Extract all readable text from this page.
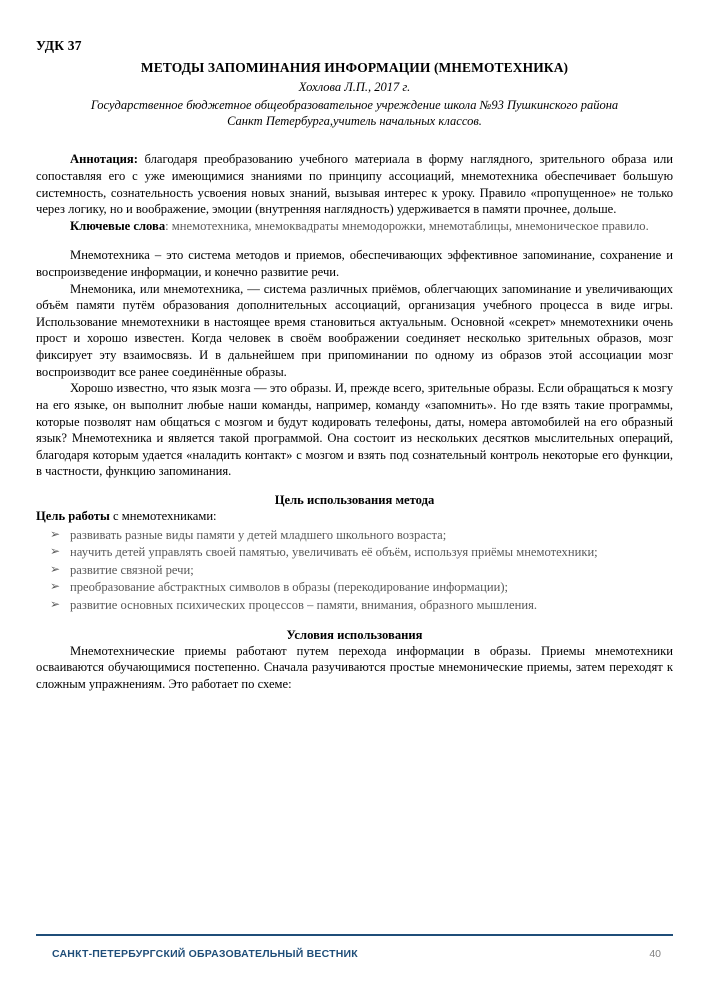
УДК 37
МЕТОДЫ ЗАПОМИНАНИЯ ИНФОРМАЦИИ (МНЕМОТЕХНИКА)
Хохлова Л.П., 2017 г.
Государственное бюджетное общеобразовательное учреждение школа №93 Пушкинского района
Санкт Петербурга,учитель начальных классов.

Аннотация: благодаря преобразованию учебного материала в форму наглядного, зрительного образа или сопоставляя его с уже имеющимися знаниями по принципу ассоциаций, мнемотехника обеспечивает большую системность, сознательность усвоения новых знаний, вызывая интерес к уроку. Правило «пропущенное» не только через логику, но и воображение, эмоции (внутренняя наглядность) удерживается в памяти прочнее, дольше.

Ключевые слова: мнемотехника, мнемоквадраты мнемодорожки, мнемотаблицы, мнемоническое правило.

Мнемотехника – это система методов и приемов, обеспечивающих эффективное запоминание, сохранение и воспроизведение информации, и конечно развитие речи.

Мнемоника, или мнемотехника, — система различных приёмов, облегчающих запоминание и увеличивающих объём памяти путём образования дополнительных ассоциаций, организация учебного процесса в виде игры. Использование мнемотехники в настоящее время становиться актуальным. Основной «секрет» мнемотехники очень прост и хорошо известен. Когда человек в своём воображении соединяет несколько зрительных образов, мозг фиксирует эту взаимосвязь. И в дальнейшем при припоминании по одному из образов этой ассоциации мозг воспроизводит все ранее соединённые образы.

Хорошо известно, что язык мозга — это образы. И, прежде всего, зрительные образы. Если обращаться к мозгу на его языке, он выполнит любые наши команды, например, команду «запомнить». Но где взять такие программы, которые позволят нам общаться с мозгом и будут кодировать телефоны, даты, номера автомобилей на его образный язык? Мнемотехника и является такой программой. Она состоит из нескольких десятков мыслительных операций, благодаря которым удается «наладить контакт» с мозгом и взять под сознательный контроль некоторые его функции, в частности, функцию запоминания.

Цель использования метода

Цель работы с мнемотехниками:

➢ развивать разные виды памяти у детей младшего школьного возраста;
➢ научить детей управлять своей памятью, увеличивать её объём, используя приёмы мнемотехники;
➢ развитие связной речи;
➢ преобразование абстрактных символов в образы (перекодирование информации);
➢ развитие основных психических процессов – памяти, внимания, образного мышления.
Условия использования

Мнемотехнические приемы работают путем перехода информации в образы. Приемы мнемотехники осваиваются обучающимися постепенно. Сначала разучиваются простые мнемонические приемы, затем переходят к сложным упражнениям. Это работает по схеме:

САНКТ-ПЕТЕРБУРГСКИЙ ОБРАЗОВАТЕЛЬНЫЙ ВЕСТНИК	40
